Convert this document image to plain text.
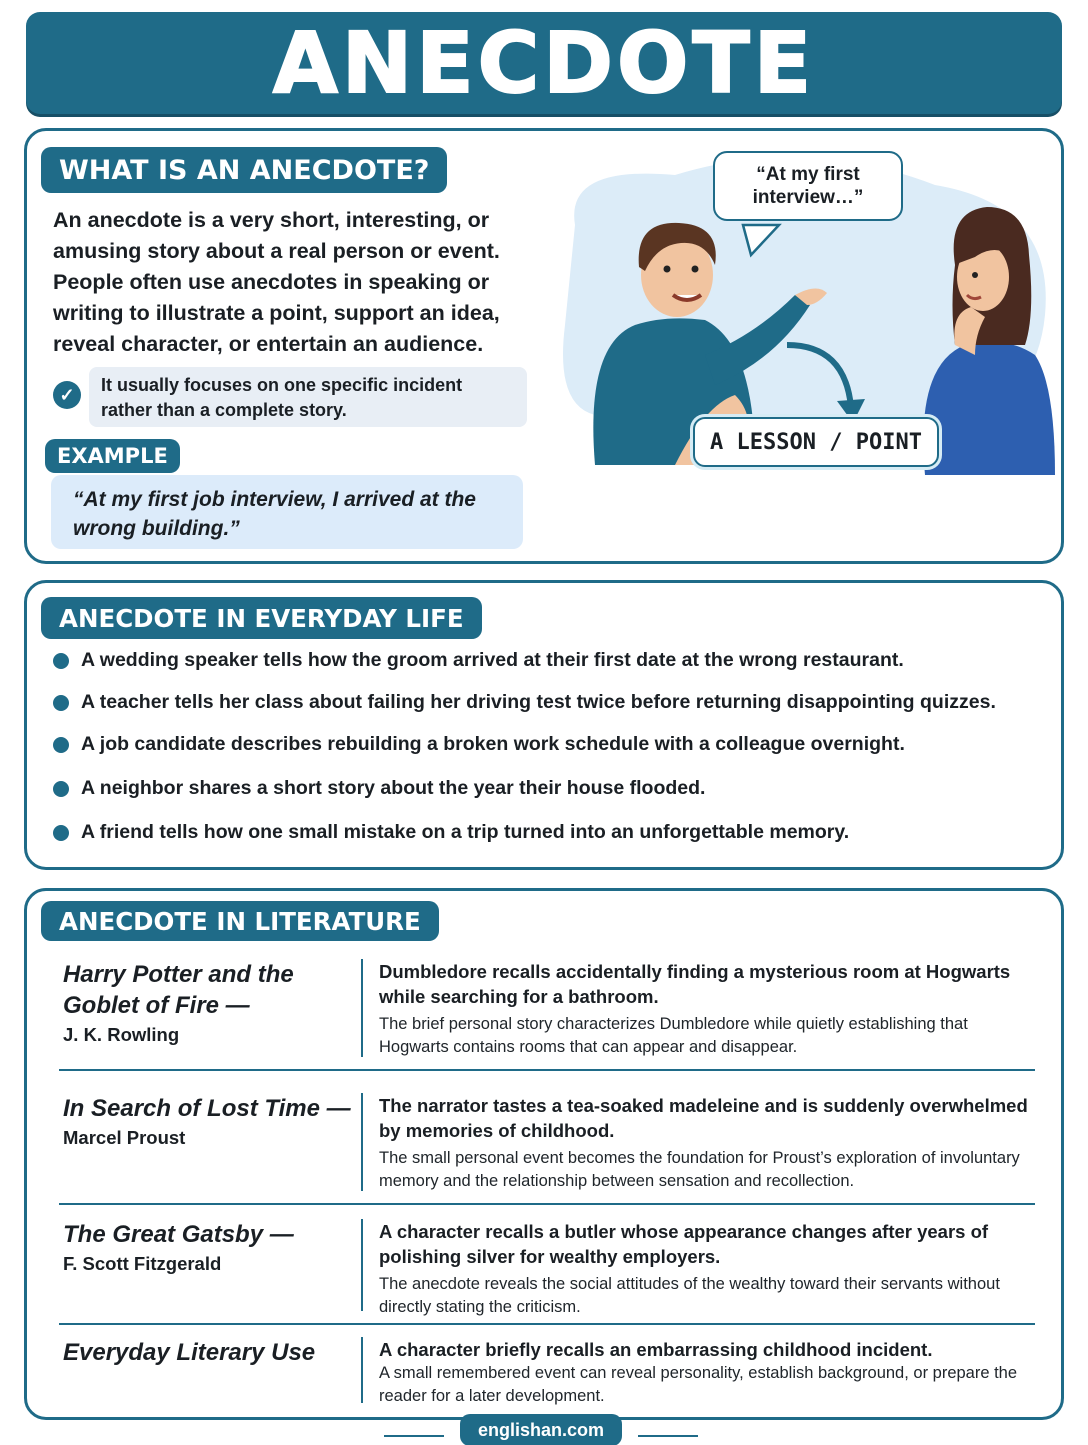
ANECDOTE
WHAT IS AN ANECDOTE?
An anecdote is a very short, interesting, or amusing story about a real person or event. People often use anecdotes in speaking or writing to illustrate a point, support an idea, reveal character, or entertain an audience.
✓	It usually focuses on one specific incident rather than a complete story.
EXAMPLE
“At my first job interview, I arrived at the wrong building.”
“At my first interview…”
A LESSON / POINT
ANECDOTE IN EVERYDAY LIFE
A wedding speaker tells how the groom arrived at their first date at the wrong restaurant.
A teacher tells her class about failing her driving test twice before returning disappointing quizzes.
A job candidate describes rebuilding a broken work schedule with a colleague overnight.
A neighbor shares a short story about the year their house flooded.
A friend tells how one small mistake on a trip turned into an unforgettable memory.
ANECDOTE IN LITERATURE
Harry Potter and the Goblet of Fire —
J. K. Rowling
Dumbledore recalls accidentally finding a mysterious room at Hogwarts while searching for a bathroom.
The brief personal story characterizes Dumbledore while quietly establishing that Hogwarts contains rooms that can appear and disappear.
In Search of Lost Time —
Marcel Proust
The narrator tastes a tea-soaked madeleine and is suddenly overwhelmed by memories of childhood.
The small personal event becomes the foundation for Proust’s exploration of involuntary memory and the relationship between sensation and recollection.
The Great Gatsby —
F. Scott Fitzgerald
A character recalls a butler whose appearance changes after years of polishing silver for wealthy employers.
The anecdote reveals the social attitudes of the wealthy toward their servants without directly stating the criticism.
Everyday Literary Use	A character briefly recalls an embarrassing childhood incident.
A small remembered event can reveal personality, establish background, or prepare the reader for a later development.
englishan.com
